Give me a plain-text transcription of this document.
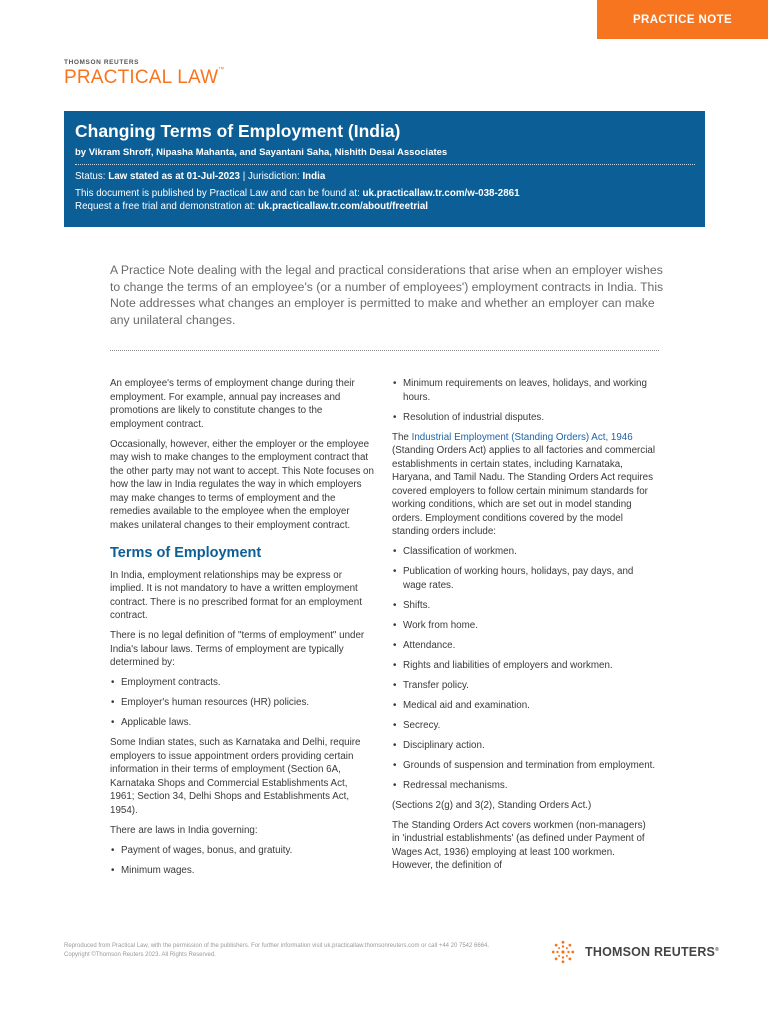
PRACTICE NOTE
THOMSON REUTERS
PRACTICAL LAW™
Changing Terms of Employment (India)
by Vikram Shroff, Nipasha Mahanta, and Sayantani Saha, Nishith Desai Associates
Status: Law stated as at 01-Jul-2023 | Jurisdiction: India
This document is published by Practical Law and can be found at: uk.practicallaw.tr.com/w-038-2861
Request a free trial and demonstration at: uk.practicallaw.tr.com/about/freetrial
A Practice Note dealing with the legal and practical considerations that arise when an employer wishes to change the terms of an employee's (or a number of employees') employment contracts in India. This Note addresses what changes an employer is permitted to make and whether an employer can make any unilateral changes.

An employee's terms of employment change during their employment. For example, annual pay increases and promotions are likely to constitute changes to the employment contract.

Occasionally, however, either the employer or the employee may wish to make changes to the employment contract that the other party may not want to accept. This Note focuses on how the law in India regulates the way in which employers may make changes to terms of employment and the remedies available to the employee when the employer makes unilateral changes to their employment contract.

Terms of Employment

In India, employment relationships may be express or implied. It is not mandatory to have a written employment contract. There is no prescribed format for an employment contract.

There is no legal definition of "terms of employment" under India's labour laws. Terms of employment are typically determined by:

• Employment contracts.
• Employer's human resources (HR) policies.
• Applicable laws.

Some Indian states, such as Karnataka and Delhi, require employers to issue appointment orders providing certain information in their terms of employment (Section 6A, Karnataka Shops and Commercial Establishments Act, 1961; Section 34, Delhi Shops and Establishments Act, 1954).

There are laws in India governing:

• Payment of wages, bonus, and gratuity.
• Minimum wages.
• Minimum requirements on leaves, holidays, and working hours.
• Resolution of industrial disputes.

The Industrial Employment (Standing Orders) Act, 1946 (Standing Orders Act) applies to all factories and commercial establishments in certain states, including Karnataka, Haryana, and Tamil Nadu. The Standing Orders Act requires covered employers to follow certain minimum standards for working conditions, which are set out in model standing orders. Employment conditions covered by the model standing orders include:

• Classification of workmen.
• Publication of working hours, holidays, pay days, and wage rates.
• Shifts.
• Work from home.
• Attendance.
• Rights and liabilities of employers and workmen.
• Transfer policy.
• Medical aid and examination.
• Secrecy.
• Disciplinary action.
• Grounds of suspension and termination from employment.
• Redressal mechanisms.

(Sections 2(g) and 3(2), Standing Orders Act.)

The Standing Orders Act covers workmen (non-managers) in 'industrial establishments' (as defined under Payment of Wages Act, 1936) employing at least 100 workmen. However, the definition of

Reproduced from Practical Law, with the permission of the publishers. For further information visit uk.practicallaw.thomsonreuters.com or call +44 20 7542 6664. Copyright ©Thomson Reuters 2023. All Rights Reserved.	THOMSON REUTERS®
